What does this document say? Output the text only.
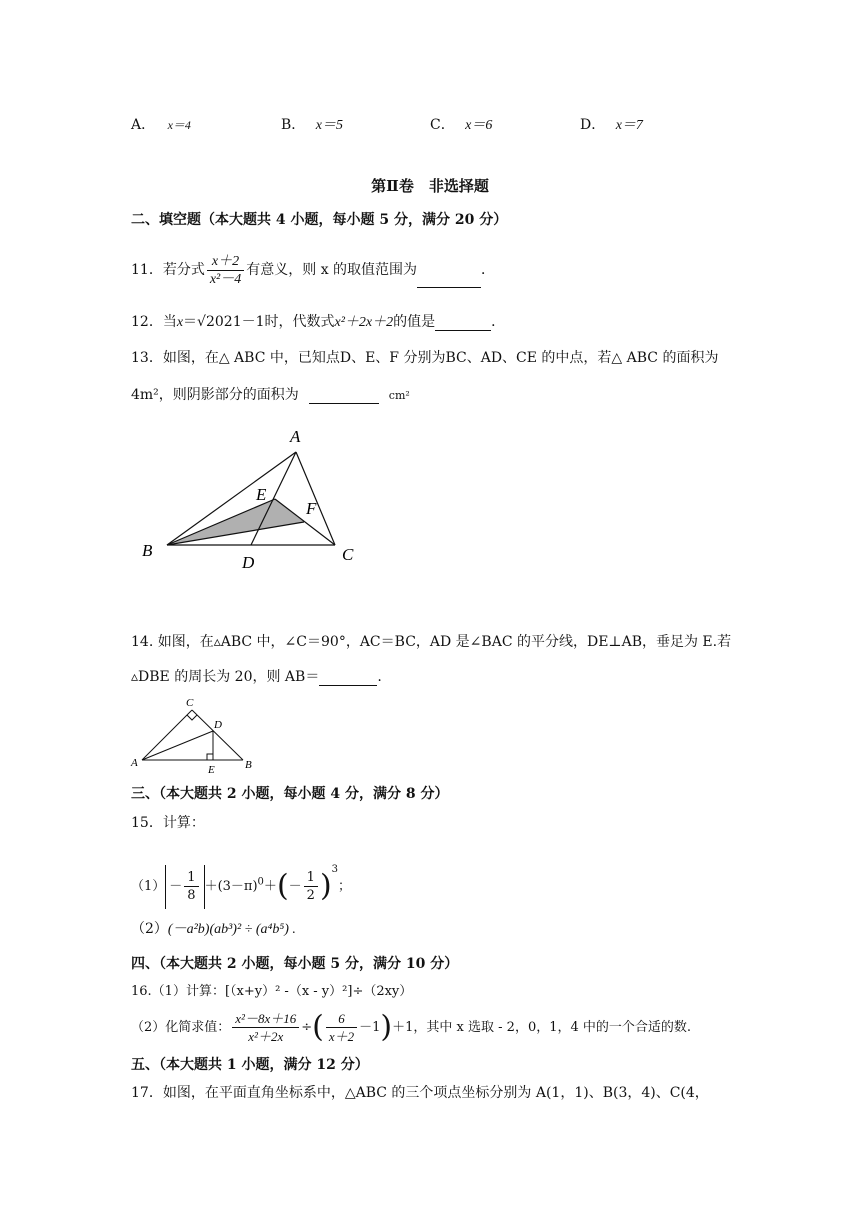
A． x＝4	B． x＝5	C． x＝6	D． x＝7
第Ⅱ卷　非选择题
二、填空题（本大题共 4 小题，每小题 5 分，满分 20 分）
11．若分式 $\frac{x+2}{\text{x²－4}}$ 有意义，则 x 的取值范围为	．
12．当x＝√2021－1时，代数式x²＋2x＋2的值是	．
13．如图，在△ ABC 中，已知点D、E、F 分别为BC、AD、CE 的中点，若△ ABC 的面积为
4m²，则阴影部分的面积为	cm²
A
B	C
D
E
F
14. 如图，在▵ABC 中，∠C＝90°，AC＝BC，AD 是∠BAC 的平分线，DE⊥AB，垂足为 E.若
▵DBE 的周长为 20，则 AB＝	.
C
D
A	B
E
三、（本大题共 2 小题，每小题 4 分，满分 8 分）
15．计算：
$(1) - \frac{1}{8} +(3-\pi)^0+(- \frac{1}{2} )^3$；
（2）(－a²b)(ab³)² ÷ (a⁴b⁵) .
四、（本大题共 2 小题，每小题 5 分，满分 10 分）
16.（1）计算：[（x+y）² -（x - y）²]÷（2xy）
（2）化简求值： $\frac{\text{x²－8x＋16}}{\text{x²＋2x}}$ ÷( $\frac{6}{x+2} -1)+1$，其中 x 选取 - 2，0，1，4 中的一个合适的数.
五、（本大题共 1 小题，满分 12 分）
17．如图，在平面直角坐标系中，△ABC 的三个项点坐标分别为 A(1，1)、B(3，4)、C(4，
